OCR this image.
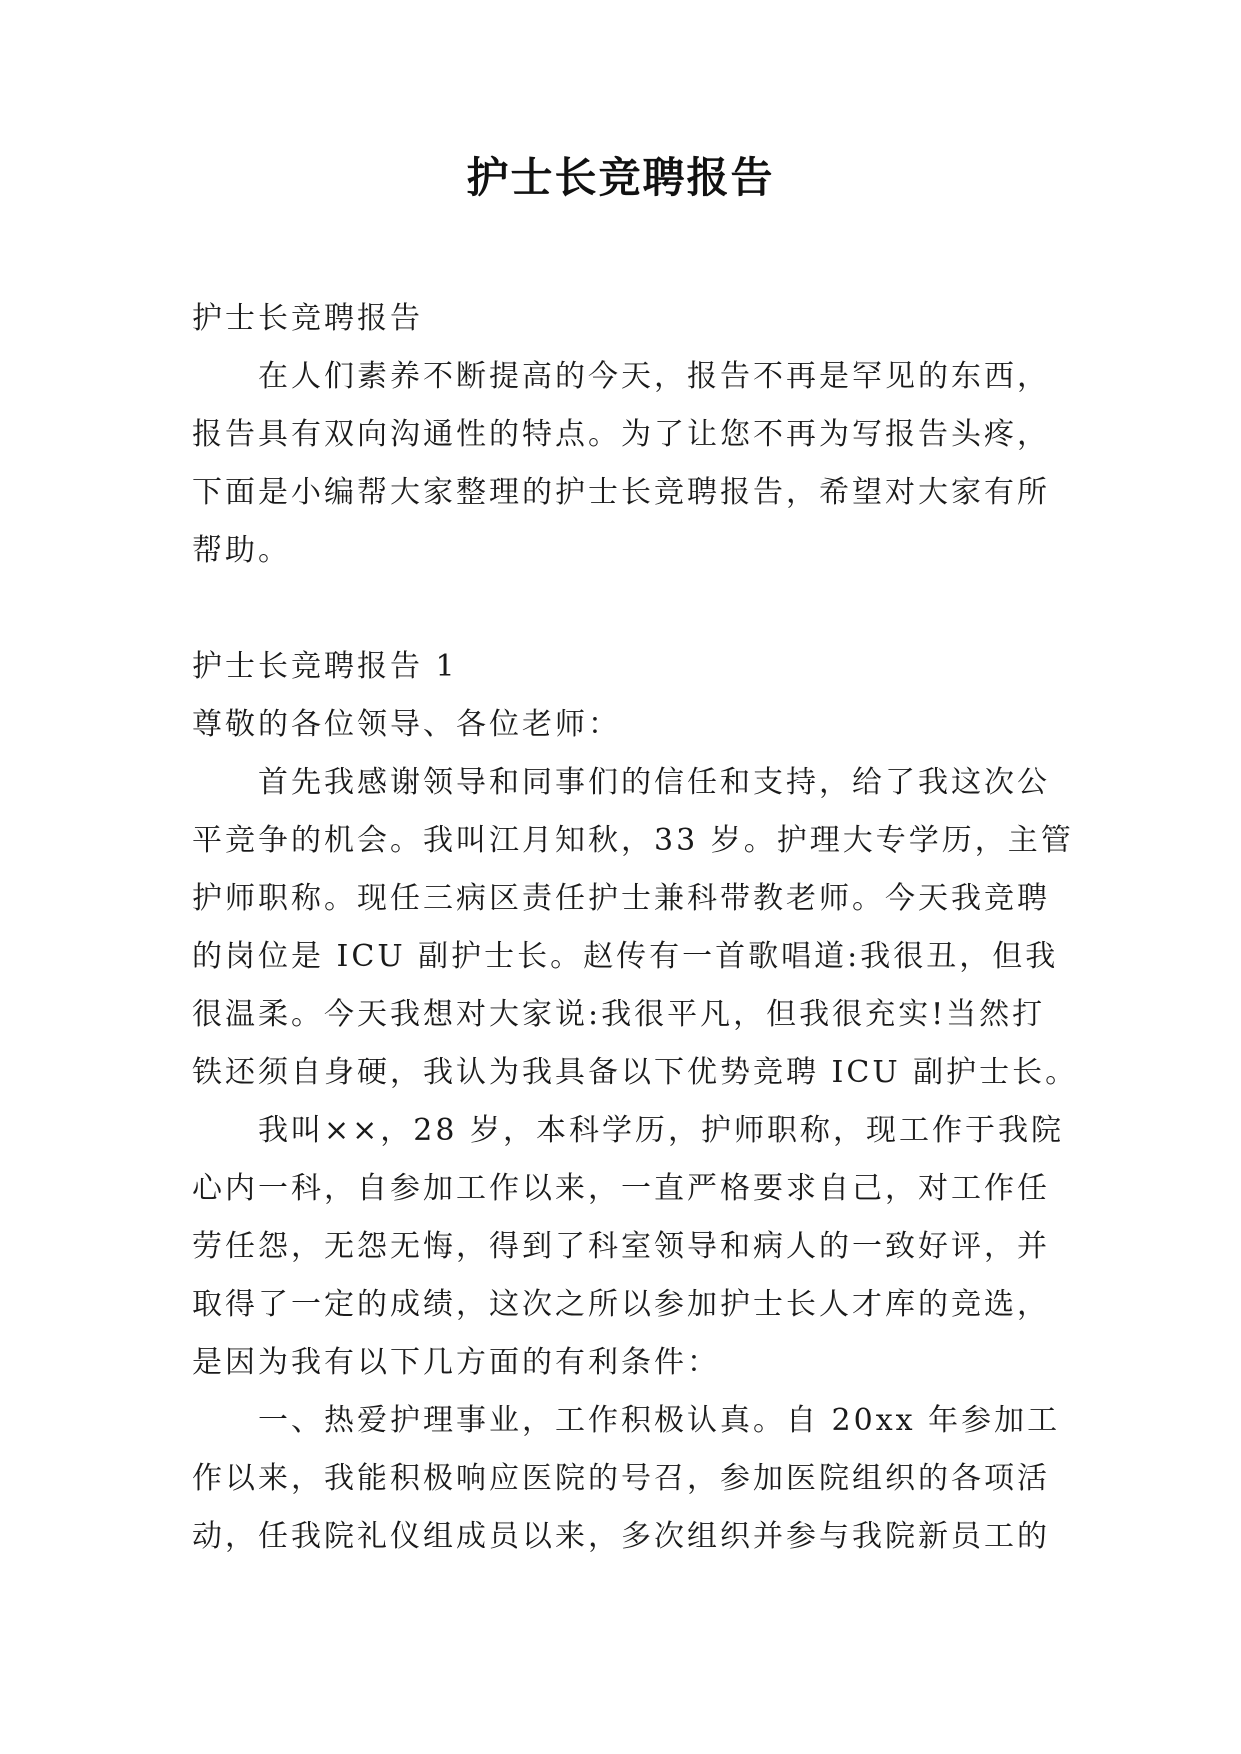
护士长竞聘报告

护士长竞聘报告

在人们素养不断提高的今天，报告不再是罕见的东西，

报告具有双向沟通性的特点。为了让您不再为写报告头疼，

下面是小编帮大家整理的护士长竞聘报告，希望对大家有所

帮助。

护士长竞聘报告 1

尊敬的各位领导、各位老师：

首先我感谢领导和同事们的信任和支持，给了我这次公

平竞争的机会。我叫江月知秋，33 岁。护理大专学历，主管

护师职称。现任三病区责任护士兼科带教老师。今天我竞聘

的岗位是 ICU 副护士长。赵传有一首歌唱道:我很丑，但我

很温柔。今天我想对大家说:我很平凡，但我很充实!当然打

铁还须自身硬，我认为我具备以下优势竞聘 ICU 副护士长。

我叫××，28 岁，本科学历，护师职称，现工作于我院

心内一科，自参加工作以来，一直严格要求自己，对工作任

劳任怨，无怨无悔，得到了科室领导和病人的一致好评，并

取得了一定的成绩，这次之所以参加护士长人才库的竞选，

是因为我有以下几方面的有利条件：

一、热爱护理事业，工作积极认真。自 20xx 年参加工

作以来，我能积极响应医院的号召，参加医院组织的各项活

动，任我院礼仪组成员以来，多次组织并参与我院新员工的
